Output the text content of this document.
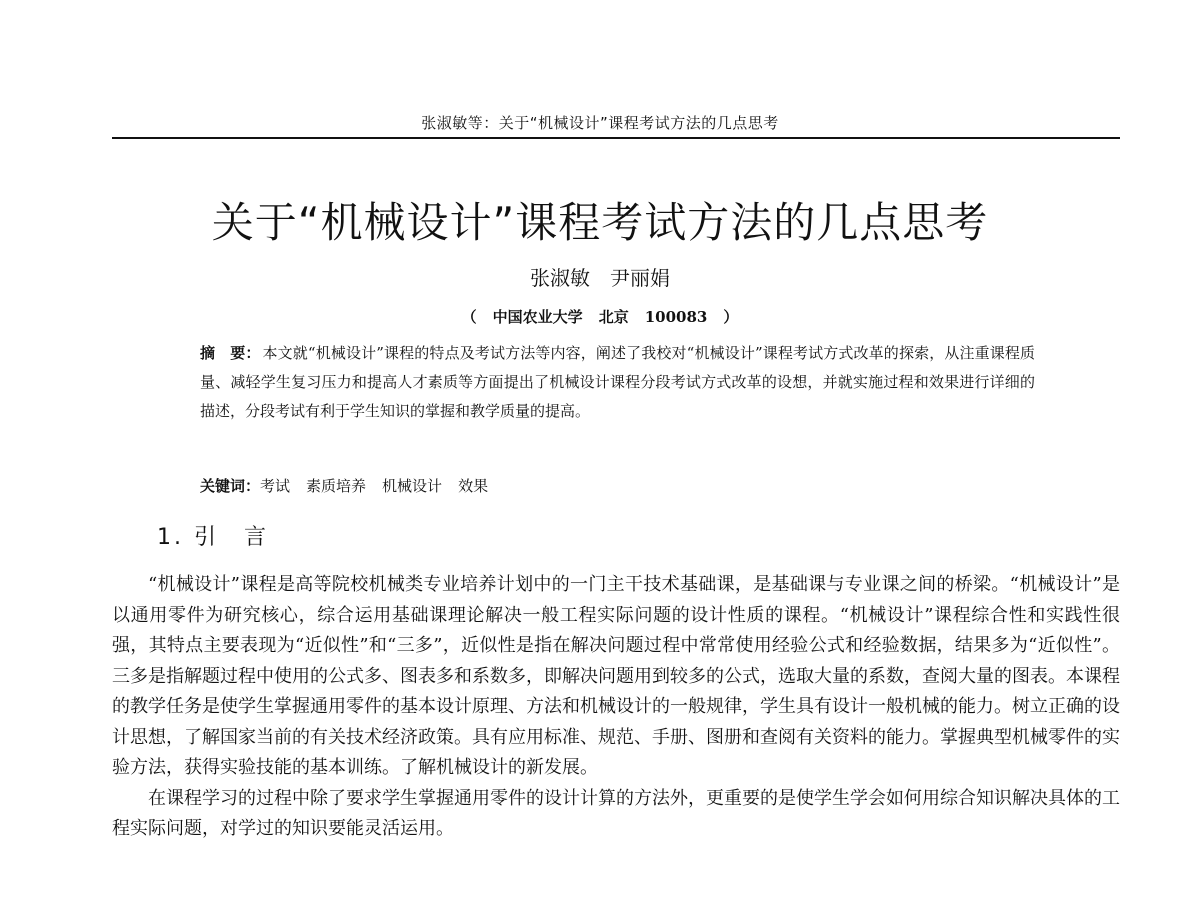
张淑敏等：关于“机械设计”课程考试方法的几点思考
关于“机械设计”课程考试方法的几点思考
张淑敏 尹丽娟
（ 中国农业大学 北京 100083 ）
摘　要： 本文就“机械设计”课程的特点及考试方法等内容，阐述了我校对“机械设计”课程考试方式改革的探索，从注重课程质量、减轻学生复习压力和提高人才素质等方面提出了机械设计课程分段考试方式改革的设想，并就实施过程和效果进行详细的描述，分段考试有利于学生知识的掌握和教学质量的提高。
关键词：考试 素质培养 机械设计 效果
1. 引　言

“机械设计”课程是高等院校机械类专业培养计划中的一门主干技术基础课，是基础课与专业课之间的桥梁。“机械设计”是以通用零件为研究核心，综合运用基础课理论解决一般工程实际问题的设计性质的课程。“机械设计”课程综合性和实践性很强，其特点主要表现为“近似性”和“三多”，近似性是指在解决问题过程中常常使用经验公式和经验数据，结果多为“近似性”。三多是指解题过程中使用的公式多、图表多和系数多，即解决问题用到较多的公式，选取大量的系数，查阅大量的图表。本课程的教学任务是使学生掌握通用零件的基本设计原理、方法和机械设计的一般规律，学生具有设计一般机械的能力。树立正确的设计思想，了解国家当前的有关技术经济政策。具有应用标准、规范、手册、图册和查阅有关资料的能力。掌握典型机械零件的实验方法，获得实验技能的基本训练。了解机械设计的新发展。

在课程学习的过程中除了要求学生掌握通用零件的设计计算的方法外，更重要的是使学生学会如何用综合知识解决具体的工程实际问题，对学过的知识要能灵活运用。
